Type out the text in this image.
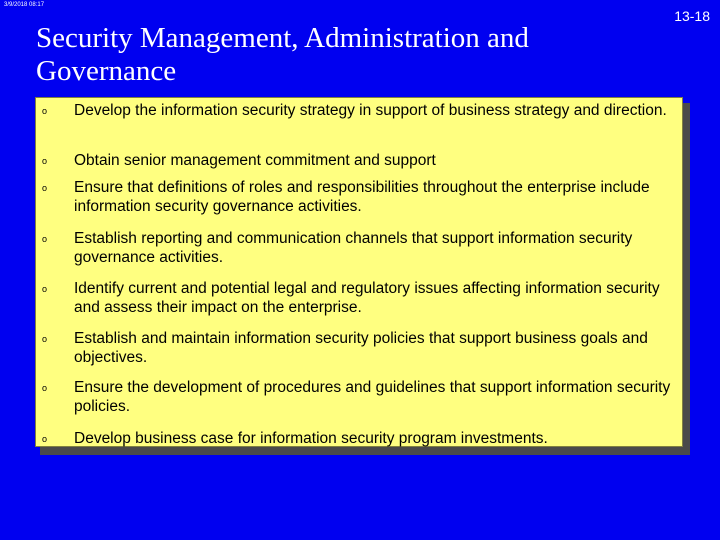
3/9/2018 08:17
13-18
Security Management, Administration and Governance
o Develop the information security strategy in support of business strategy and direction.
o Obtain senior management commitment and support
o Ensure that definitions of roles and responsibilities throughout the enterprise include information security governance activities.
o Establish reporting and communication channels that support information security governance activities.
o Identify current and potential legal and regulatory issues affecting information security and assess their impact on the enterprise.
o Establish and maintain information security policies that support business goals and objectives.
o Ensure the development of procedures and guidelines that support information security policies.
o Develop business case for information security program investments.
